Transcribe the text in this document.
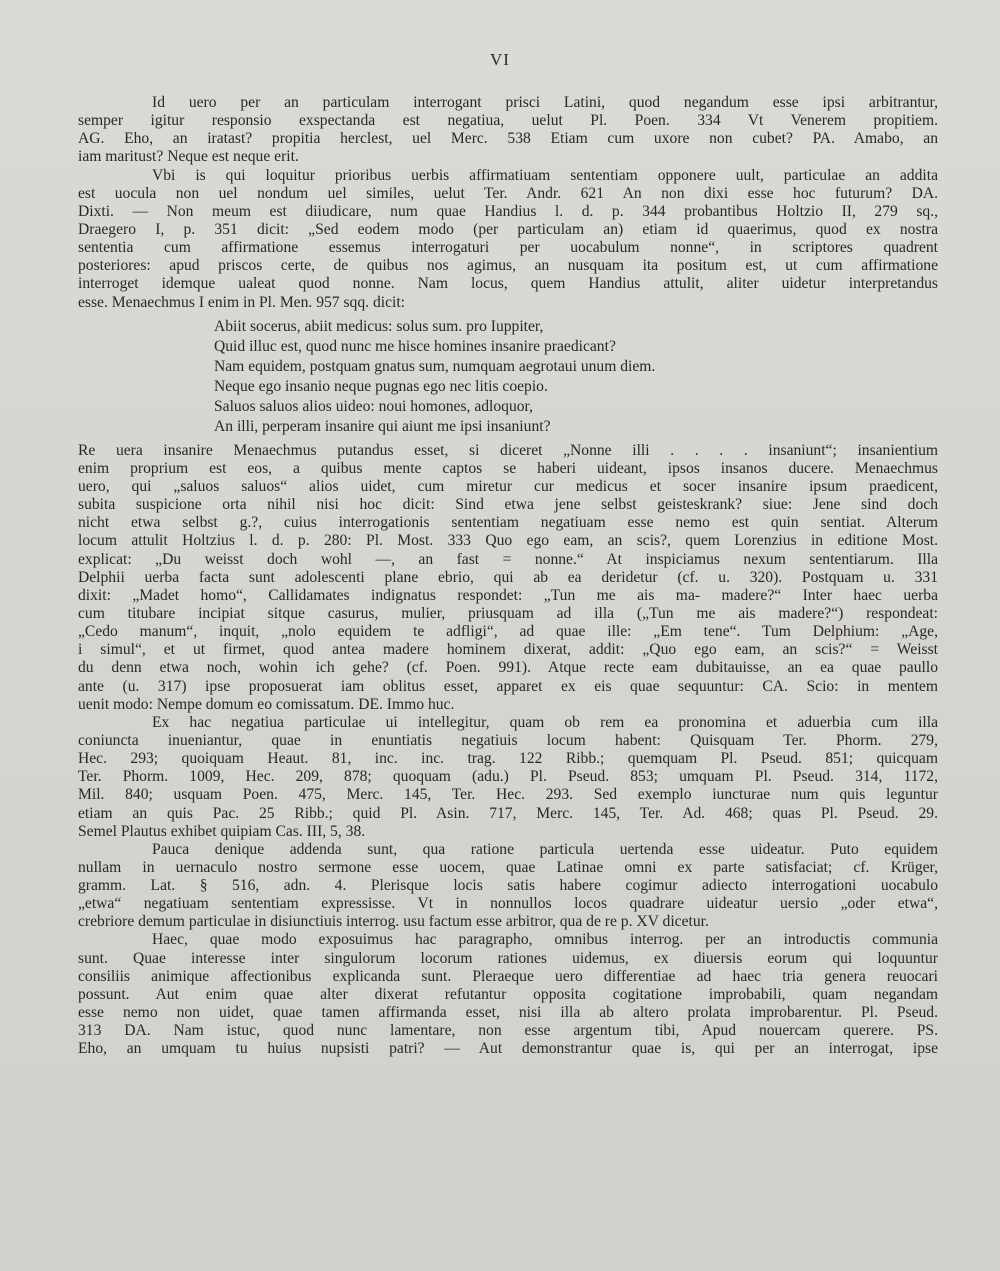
VI
Id uero per an particulam interrogant prisci Latini, quod negandum esse ipsi arbitrantur,
semper igitur responsio exspectanda est negatiua, uelut Pl. Poen. 334 Vt Venerem propitiem.
AG. Eho, an iratast? propitia herclest, uel Merc. 538 Etiam cum uxore non cubet? PA. Amabo, an
iam maritust? Neque est neque erit.
Vbi is qui loquitur prioribus uerbis affirmatiuam sententiam opponere uult, particulae an addita
est uocula non uel nondum uel similes, uelut Ter. Andr. 621 An non dixi esse hoc futurum? DA.
Dixti. — Non meum est diiudicare, num quae Handius l. d. p. 344 probantibus Holtzio II, 279 sq.,
Draegero I, p. 351 dicit: „Sed eodem modo (per particulam an) etiam id quaerimus, quod ex nostra
sententia cum affirmatione essemus interrogaturi per uocabulum nonne“, in scriptores quadrent
posteriores: apud priscos certe, de quibus nos agimus, an nusquam ita positum est, ut cum affirmatione
interroget idemque ualeat quod nonne. Nam locus, quem Handius attulit, aliter uidetur interpretandus
esse. Menaechmus I enim in Pl. Men. 957 sqq. dicit:
Abiit socerus, abiit medicus: solus sum. pro Iuppiter,
Quid illuc est, quod nunc me hisce homines insanire praedicant?
Nam equidem, postquam gnatus sum, numquam aegrotaui unum diem.
Neque ego insanio neque pugnas ego nec litis coepio.
Saluos saluos alios uideo: noui homones, adloquor,
An illi, perperam insanire qui aiunt me ipsi insaniunt?
Re uera insanire Menaechmus putandus esset, si diceret „Nonne illi . . . . insaniunt“; insanientium
enim proprium est eos, a quibus mente captos se haberi uideant, ipsos insanos ducere. Menaechmus
uero, qui „saluos saluos“ alios uidet, cum miretur cur medicus et socer insanire ipsum praedicent,
subita suspicione orta nihil nisi hoc dicit: Sind etwa jene selbst geisteskrank? siue: Jene sind doch
nicht etwa selbst g.?, cuius interrogationis sententiam negatiuam esse nemo est quin sentiat. Alterum
locum attulit Holtzius l. d. p. 280: Pl. Most. 333 Quo ego eam, an scis?, quem Lorenzius in editione Most.
explicat: „Du weisst doch wohl —, an fast = nonne.“ At inspiciamus nexum sententiarum. Illa
Delphii uerba facta sunt adolescenti plane ebrio, qui ab ea deridetur (cf. u. 320). Postquam u. 331
dixit: „Madet homo“, Callidamates indignatus respondet: „Tun me ais ma- madere?“ Inter haec uerba
cum titubare incipiat sitque casurus, mulier, priusquam ad illa („Tun me ais madere?“) respondeat:
„Cedo manum“, inquit, „nolo equidem te adfligi“, ad quae ille: „Em tene“. Tum Delphium: „Age,
i simul“, et ut firmet, quod antea madere hominem dixerat, addit: „Quo ego eam, an scis?“ = Weisst
du denn etwa noch, wohin ich gehe? (cf. Poen. 991). Atque recte eam dubitauisse, an ea quae paullo
ante (u. 317) ipse proposuerat iam oblitus esset, apparet ex eis quae sequuntur: CA. Scio: in mentem
uenit modo: Nempe domum eo comissatum. DE. Immo huc.
Ex hac negatiua particulae ui intellegitur, quam ob rem ea pronomina et aduerbia cum illa
coniuncta inueniantur, quae in enuntiatis negatiuis locum habent: Quisquam Ter. Phorm. 279,
Hec. 293; quoiquam Heaut. 81, inc. inc. trag. 122 Ribb.; quemquam Pl. Pseud. 851; quicquam
Ter. Phorm. 1009, Hec. 209, 878; quoquam (adu.) Pl. Pseud. 853; umquam Pl. Pseud. 314, 1172,
Mil. 840; usquam Poen. 475, Merc. 145, Ter. Hec. 293. Sed exemplo iuncturae num quis leguntur
etiam an quis Pac. 25 Ribb.; quid Pl. Asin. 717, Merc. 145, Ter. Ad. 468; quas Pl. Pseud. 29.
Semel Plautus exhibet quipiam Cas. III, 5, 38.
Pauca denique addenda sunt, qua ratione particula uertenda esse uideatur. Puto equidem
nullam in uernaculo nostro sermone esse uocem, quae Latinae omni ex parte satisfaciat; cf. Krüger,
gramm. Lat. § 516, adn. 4. Plerisque locis satis habere cogimur adiecto interrogationi uocabulo
„etwa“ negatiuam sententiam expressisse. Vt in nonnullos locos quadrare uideatur uersio „oder etwa“,
crebriore demum particulae in disiunctiuis interrog. usu factum esse arbitror, qua de re p. XV dicetur.
Haec, quae modo exposuimus hac paragrapho, omnibus interrog. per an introductis communia
sunt. Quae interesse inter singulorum locorum rationes uidemus, ex diuersis eorum qui loquuntur
consiliis animique affectionibus explicanda sunt. Pleraeque uero differentiae ad haec tria genera reuocari
possunt. Aut enim quae alter dixerat refutantur opposita cogitatione improbabili, quam negandam
esse nemo non uidet, quae tamen affirmanda esset, nisi illa ab altero prolata improbarentur. Pl. Pseud.
313 DA. Nam istuc, quod nunc lamentare, non esse argentum tibi, Apud nouercam querere. PS.
Eho, an umquam tu huius nupsisti patri? — Aut demonstrantur quae is, qui per an interrogat, ipse
